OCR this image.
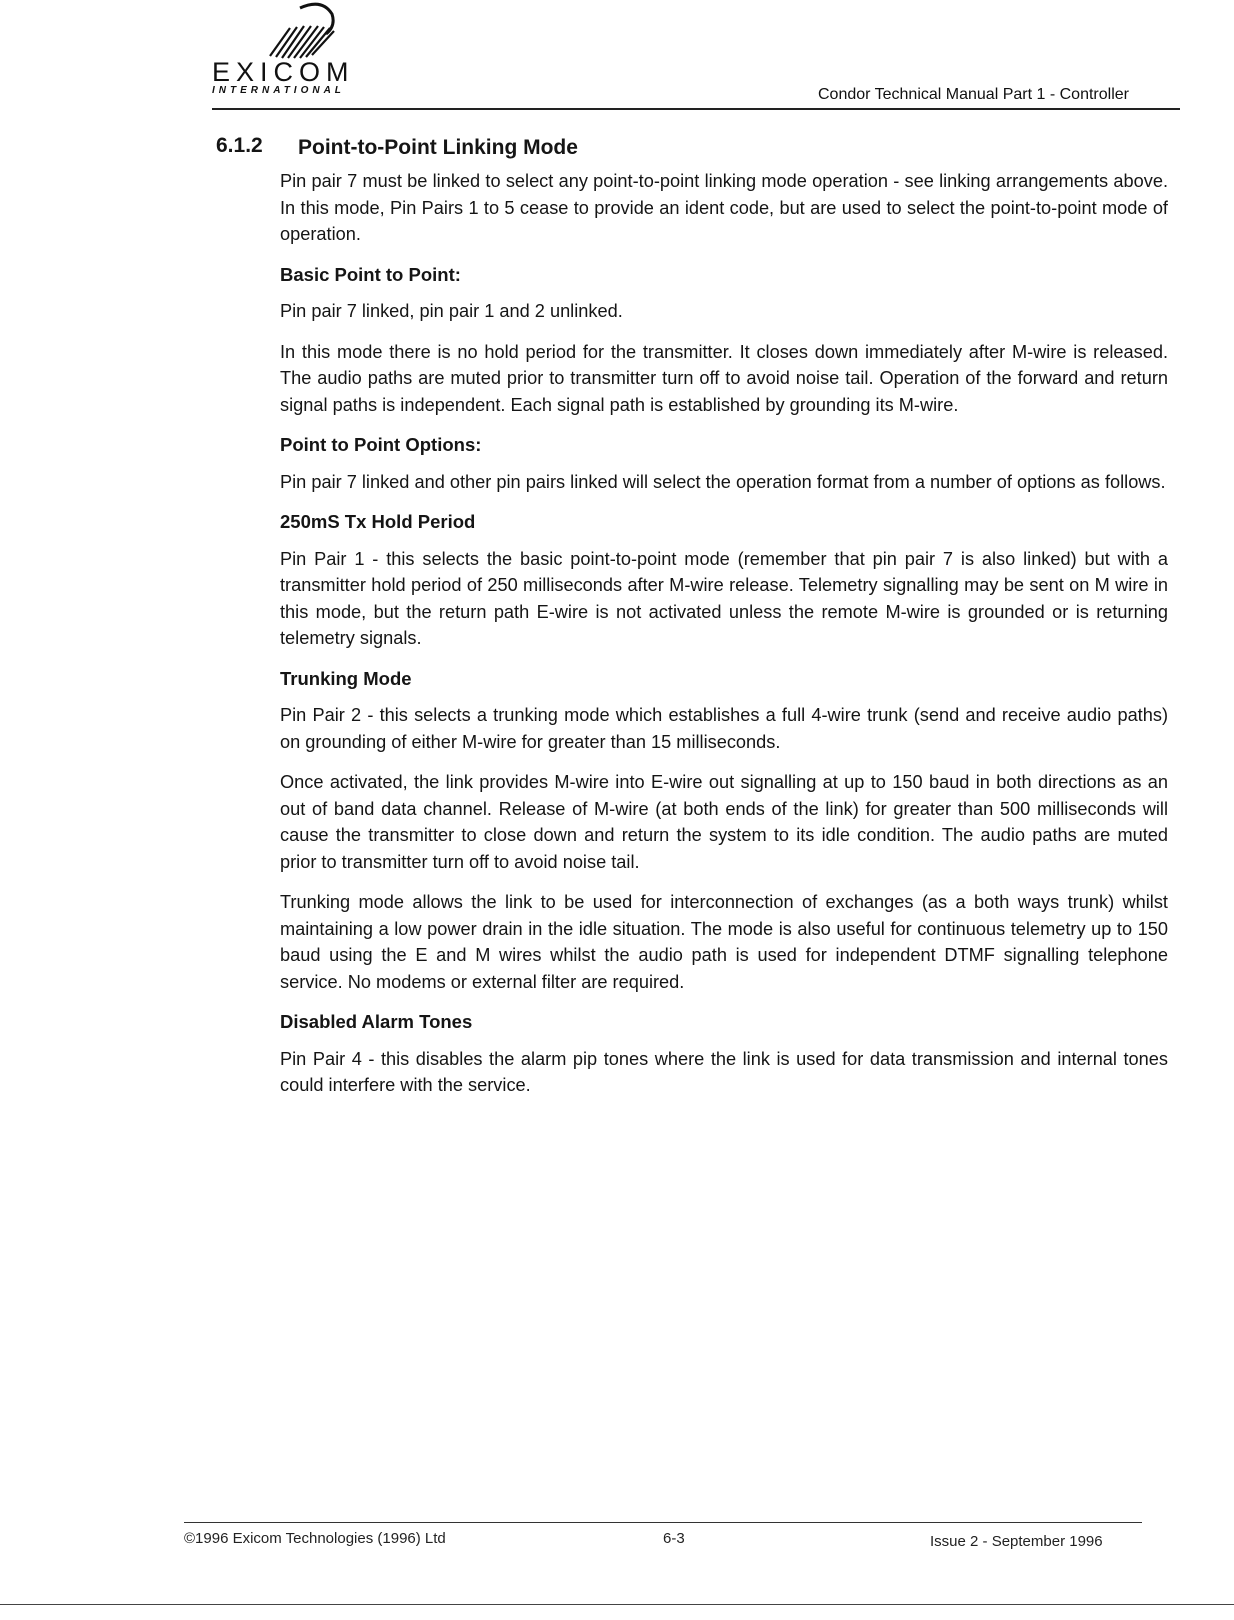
EXICOM
INTERNATIONAL	Condor Technical Manual Part 1 - Controller
6.1.2 Point-to-Point Linking Mode

Pin pair 7 must be linked to select any point-to-point linking mode operation - see linking arrangements above. In this mode, Pin Pairs 1 to 5 cease to provide an ident code, but are used to select the point-to-point mode of operation.

Basic Point to Point:

Pin pair 7 linked, pin pair 1 and 2 unlinked.

In this mode there is no hold period for the transmitter. It closes down immediately after M-wire is released. The audio paths are muted prior to transmitter turn off to avoid noise tail. Operation of the forward and return signal paths is independent. Each signal path is established by grounding its M-wire.

Point to Point Options:

Pin pair 7 linked and other pin pairs linked will select the operation format from a number of options as follows.

250mS Tx Hold Period

Pin Pair 1 - this selects the basic point-to-point mode (remember that pin pair 7 is also linked) but with a transmitter hold period of 250 milliseconds after M-wire release. Telemetry signalling may be sent on M wire in this mode, but the return path E-wire is not activated unless the remote M-wire is grounded or is returning telemetry signals.

Trunking Mode

Pin Pair 2 - this selects a trunking mode which establishes a full 4-wire trunk (send and receive audio paths) on grounding of either M-wire for greater than 15 milliseconds.

Once activated, the link provides M-wire into E-wire out signalling at up to 150 baud in both directions as an out of band data channel. Release of M-wire (at both ends of the link) for greater than 500 milliseconds will cause the transmitter to close down and return the system to its idle condition. The audio paths are muted prior to transmitter turn off to avoid noise tail.

Trunking mode allows the link to be used for interconnection of exchanges (as a both ways trunk) whilst maintaining a low power drain in the idle situation. The mode is also useful for continuous telemetry up to 150 baud using the E and M wires whilst the audio path is used for independent DTMF signalling telephone service. No modems or external filter are required.

Disabled Alarm Tones

Pin Pair 4 - this disables the alarm pip tones where the link is used for data transmission and internal tones could interfere with the service.

©1996 Exicom Technologies (1996) Ltd	6-3	Issue 2 - September 1996
